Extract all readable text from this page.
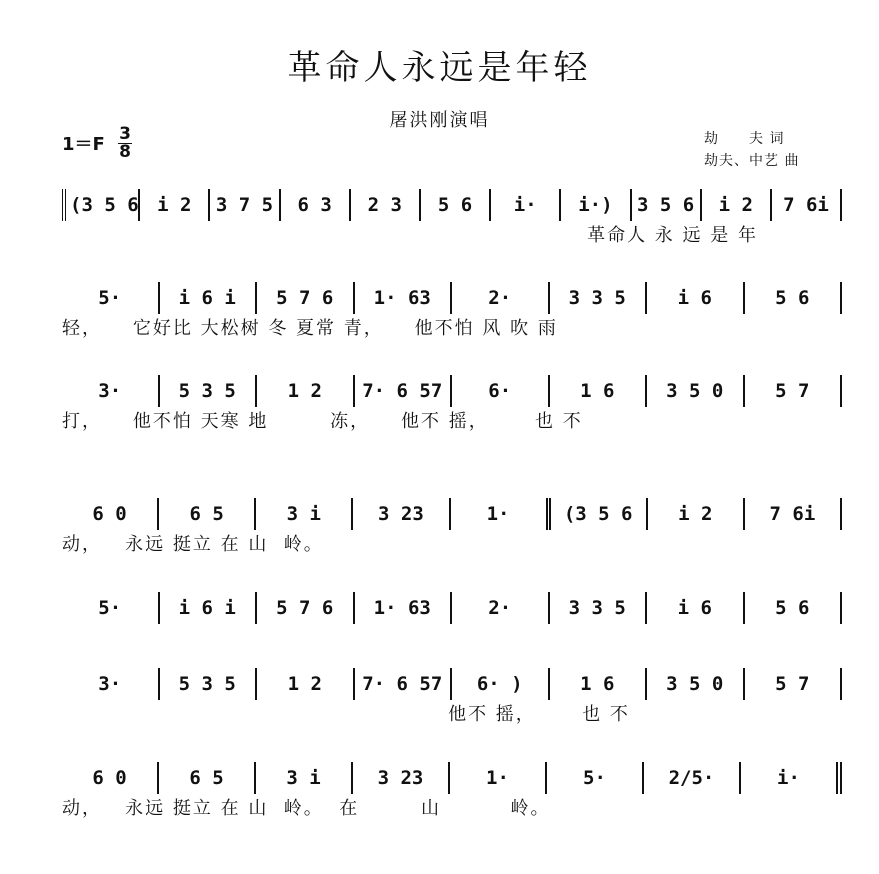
革命人永远是年轻
屠洪刚演唱
1＝F 3
8
劫　　夫 词
劫夫、中艺 曲
(3 5 6 i 2	3 7 5	6 3	2 3	5 6	i·	i·)	3 5 6	i 2	7 6i
革命人 永 远 是 年
5·	i 6 i	5 7 6	1· 63	2·	3 3 5	i 6	5 6
轻，    它好比 大松树 冬 夏常 青，    他不怕 风 吹 雨
3·	5 3 5	1 2	7· 6 57	6·	1 6	3 5 0	5 7
打，    他不怕 天寒 地        冻，    他不 摇，      也 不
6 0	6 5	3 i	3 23	1·	(3 5 6	i 2	7 6i
动，   永远 挺立 在 山  岭。
5·	i 6 i	5 7 6	1· 63	2·	3 3 5	i 6	5 6
3·	5 3 5	1 2	7· 6 57	6· )	1 6	3 5 0	5 7
他不 摇，      也 不
6 0	6 5	3 i	3 23	1·	5·	2/5·	i·
动，   永远 挺立 在 山  岭。  在        山         岭。
